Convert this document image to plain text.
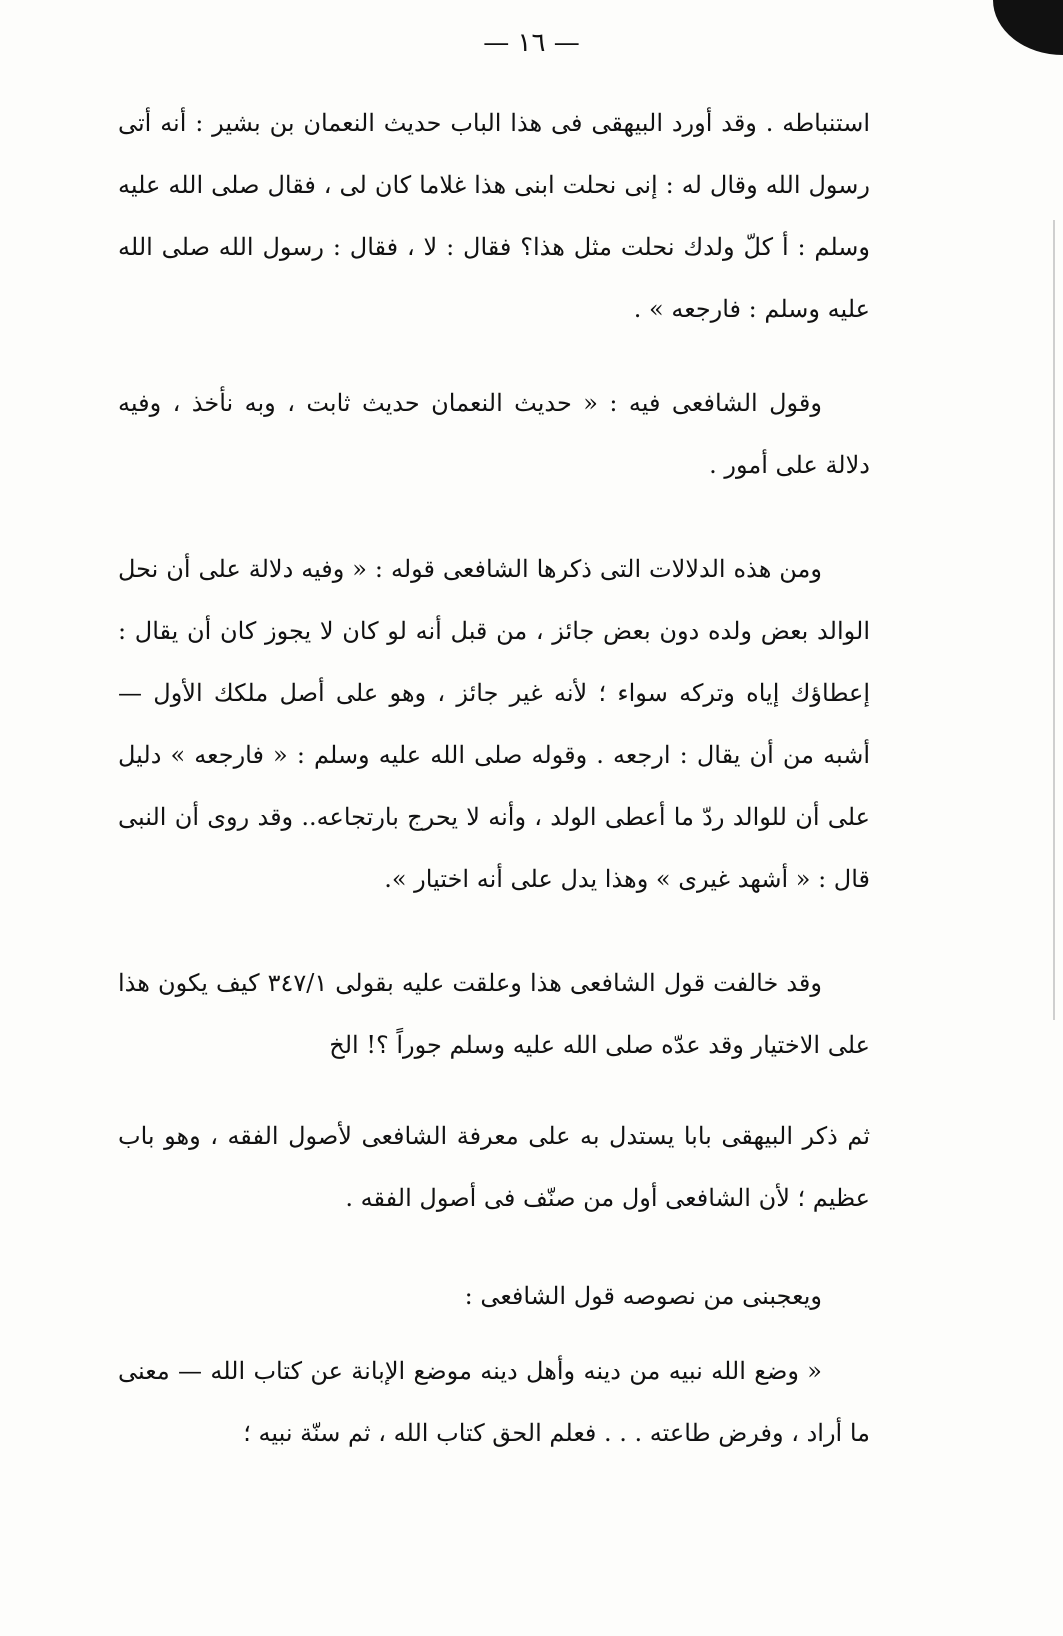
— ١٦ —

استنباطه . وقد أورد البيهقى فى هذا الباب حديث النعمان بن بشير : أنه أتى رسول الله وقال له : إنى نحلت ابنى هذا غلاما كان لى ، فقال صلى الله عليه وسلم : أ كلّ ولدك نحلت مثل هذا؟ فقال : لا ، فقال : رسول الله صلى الله عليه وسلم : فارجعه » .

وقول الشافعى فيه : « حديث النعمان حديث ثابت ، وبه نأخذ ، وفيه دلالة على أمور .

ومن هذه الدلالات التى ذكرها الشافعى قوله : « وفيه دلالة على أن نحل الوالد بعض ولده دون بعض جائز ، من قبل أنه لو كان لا يجوز كان أن يقال : إعطاؤك إياه وتركه سواء ؛ لأنه غير جائز ، وهو على أصل ملكك الأول — أشبه من أن يقال : ارجعه . وقوله صلى الله عليه وسلم : « فارجعه » دليل على أن للوالد ردّ ما أعطى الولد ، وأنه لا يحرج بارتجاعه.. وقد روى أن النبى قال : « أشهد غيرى » وهذا يدل على أنه اختيار ».

وقد خالفت قول الشافعى هذا وعلقت عليه بقولى ٣٤٧/١ كيف يكون هذا على الاختيار وقد عدّه صلى الله عليه وسلم جوراً ؟! الخ

ثم ذكر البيهقى بابا يستدل به على معرفة الشافعى لأصول الفقه ، وهو باب عظيم ؛ لأن الشافعى أول من صنّف فى أصول الفقه .

ويعجبنى من نصوصه قول الشافعى :

« وضع الله نبيه من دينه وأهل دينه موضع الإبانة عن كتاب الله — معنى ما أراد ، وفرض طاعته . . . فعلم الحق كتاب الله ، ثم سنّة نبيه ؛
